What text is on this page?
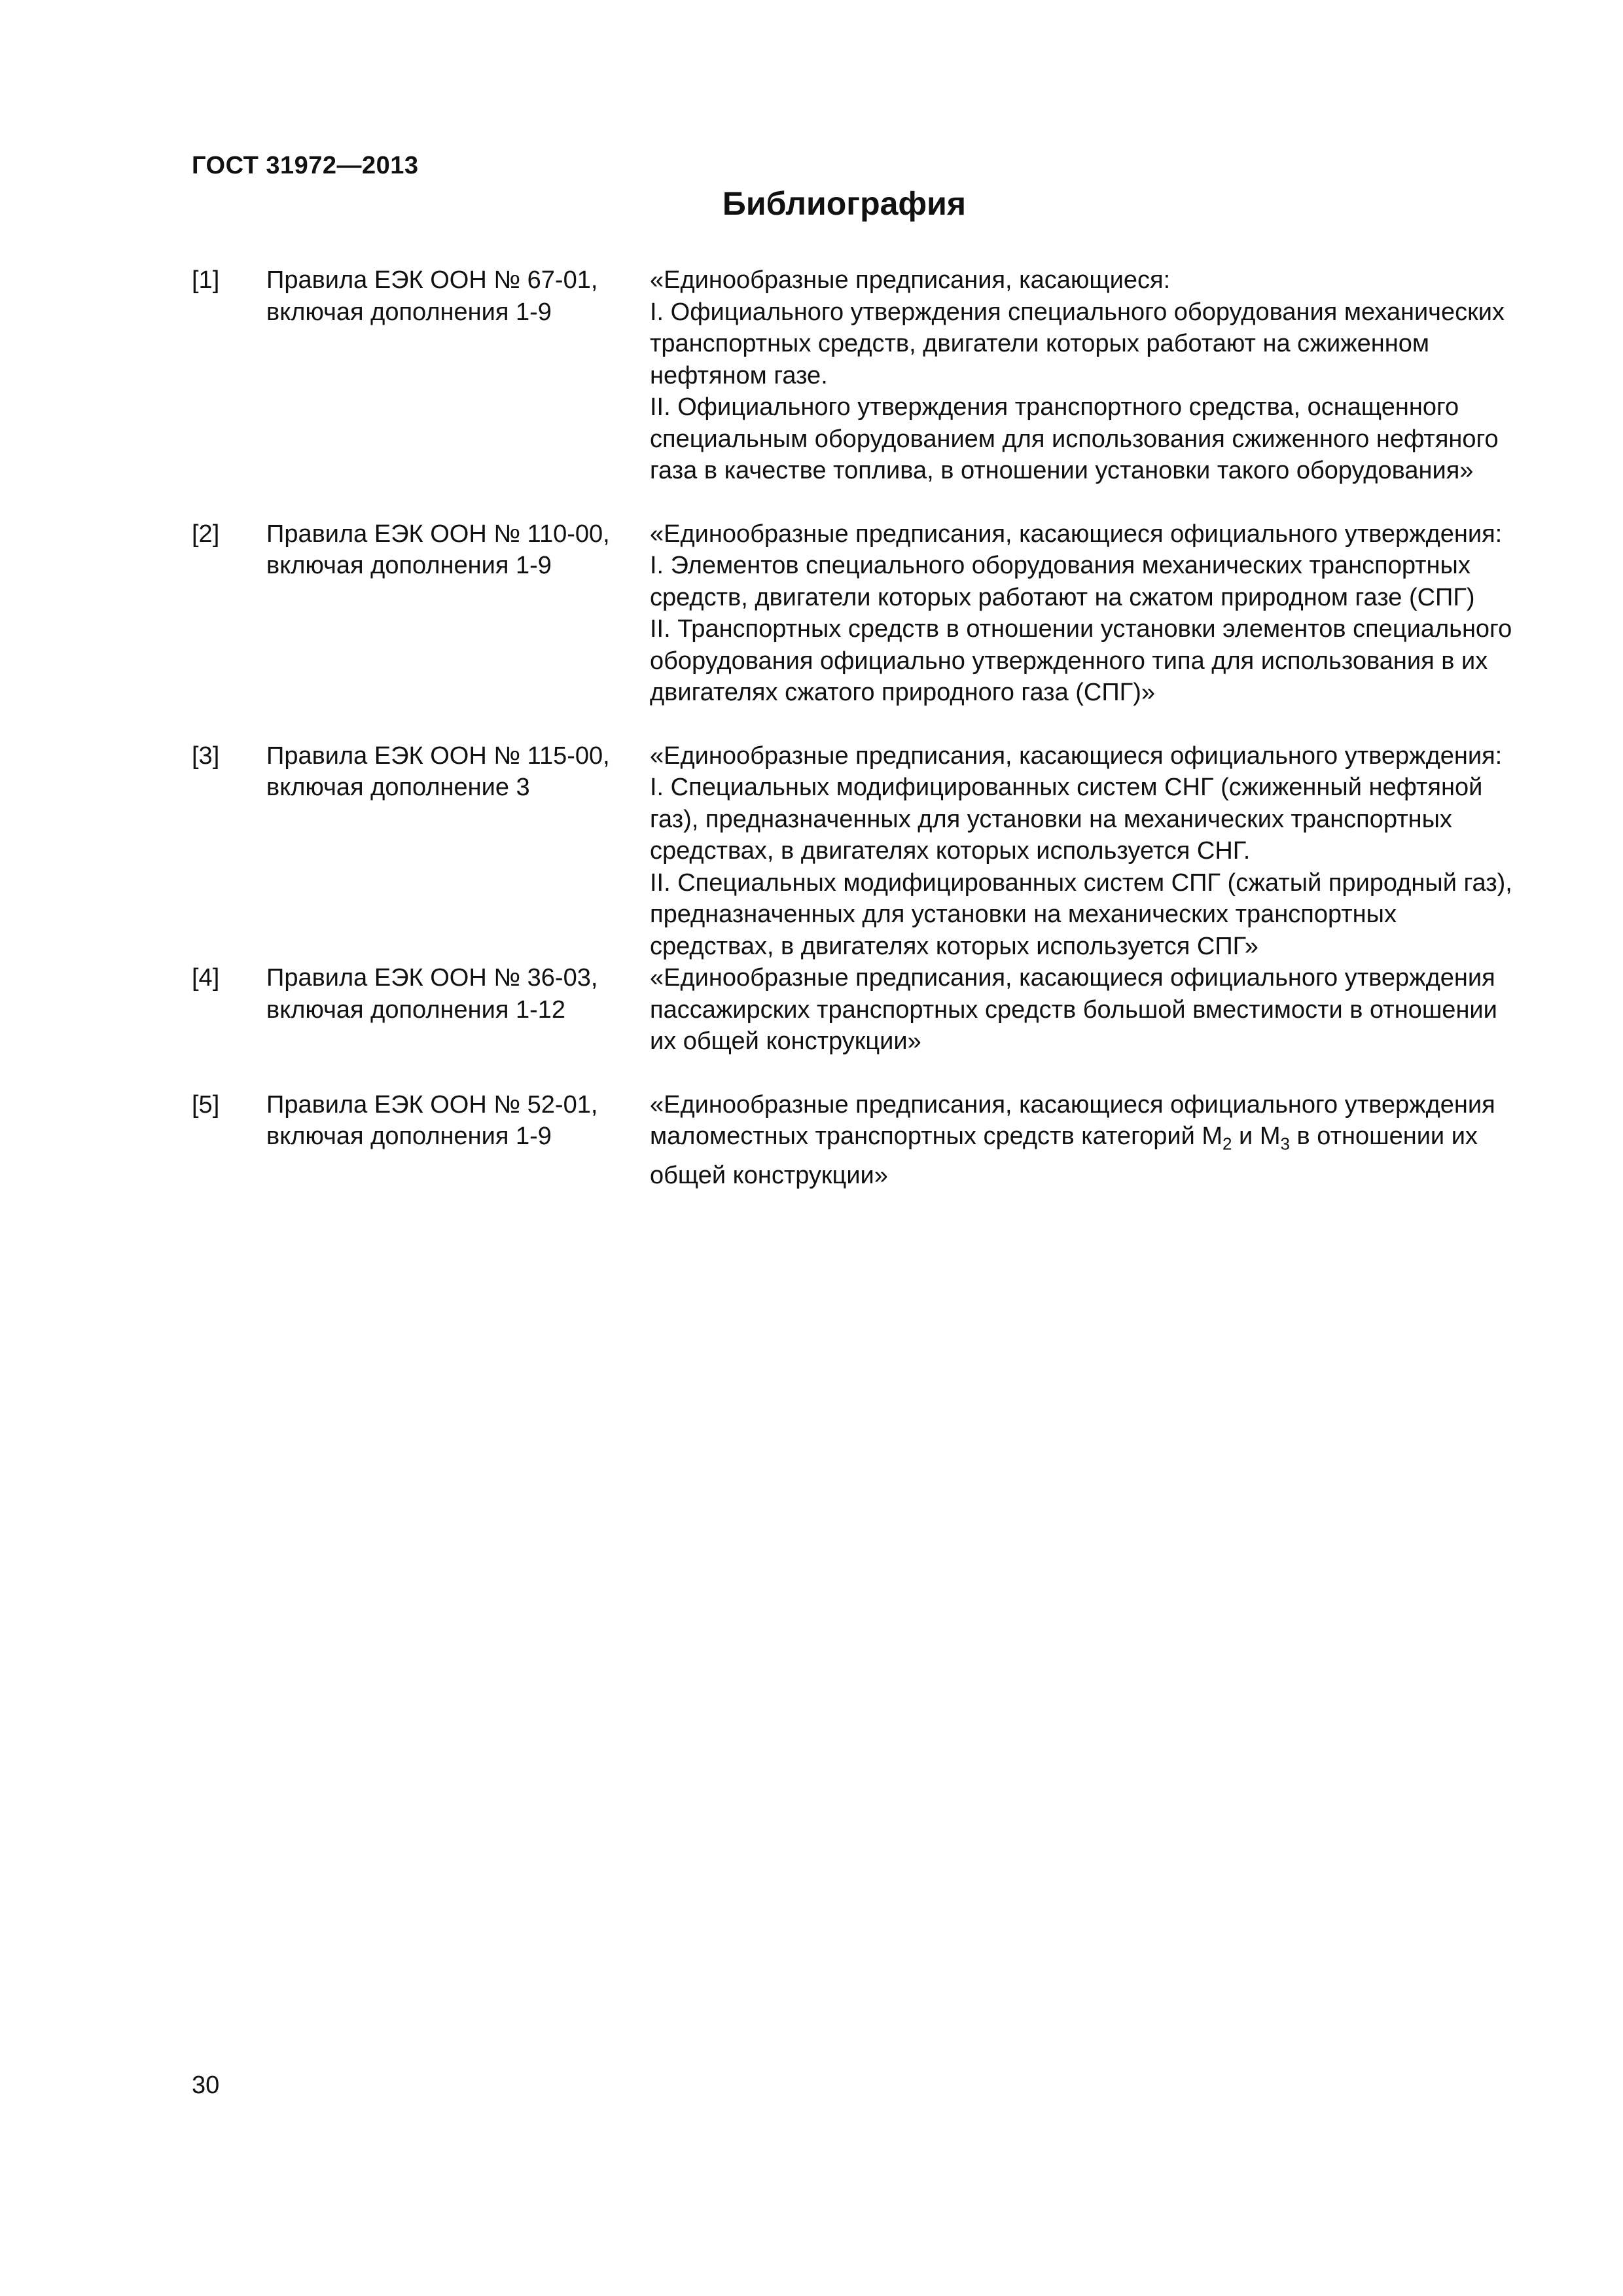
ГОСТ 31972—2013
Библиография
[1]	Правила ЕЭК ООН № 67-01, включая дополнения 1-9
«Единообразные предписания, касающиеся:
I. Официального утверждения специального оборудования механических транспортных средств, двигатели которых работают на сжиженном нефтяном газе.
II. Официального утверждения транспортного средства, оснащенного специальным оборудованием для использования сжиженного нефтяного газа в качестве топлива, в отношении установки такого оборудования»
[2]	Правила ЕЭК ООН № 110-00, включая дополнения 1-9
«Единообразные предписания, касающиеся официального утверждения:
I. Элементов специального оборудования механических транспортных средств, двигатели которых работают на сжатом природном газе (СПГ)
II. Транспортных средств в отношении установки элементов специального оборудования официально утвержденного типа для использования в их двигателях сжатого природного газа (СПГ)»
[3]	Правила ЕЭК ООН № 115-00, включая дополнение 3
«Единообразные предписания, касающиеся официального утверждения:
I. Специальных модифицированных систем СНГ (сжиженный нефтяной газ), предназначенных для установки на механических транспортных средствах, в двигателях которых используется СНГ.
II. Специальных модифицированных систем СПГ (сжатый природный газ), предназначенных для установки на механических транспортных средствах, в двигателях которых используется СПГ»
[4]	Правила ЕЭК ООН № 36-03, включая дополнения 1-12
«Единообразные предписания, касающиеся официального утверждения пассажирских транспортных средств большой вместимости в отношении их общей конструкции»
[5]	Правила ЕЭК ООН № 52-01, включая дополнения 1-9
«Единообразные предписания, касающиеся официального утверждения маломестных транспортных средств категорий $М_2$ и $М_3$ в отношении их общей конструкции»
30
